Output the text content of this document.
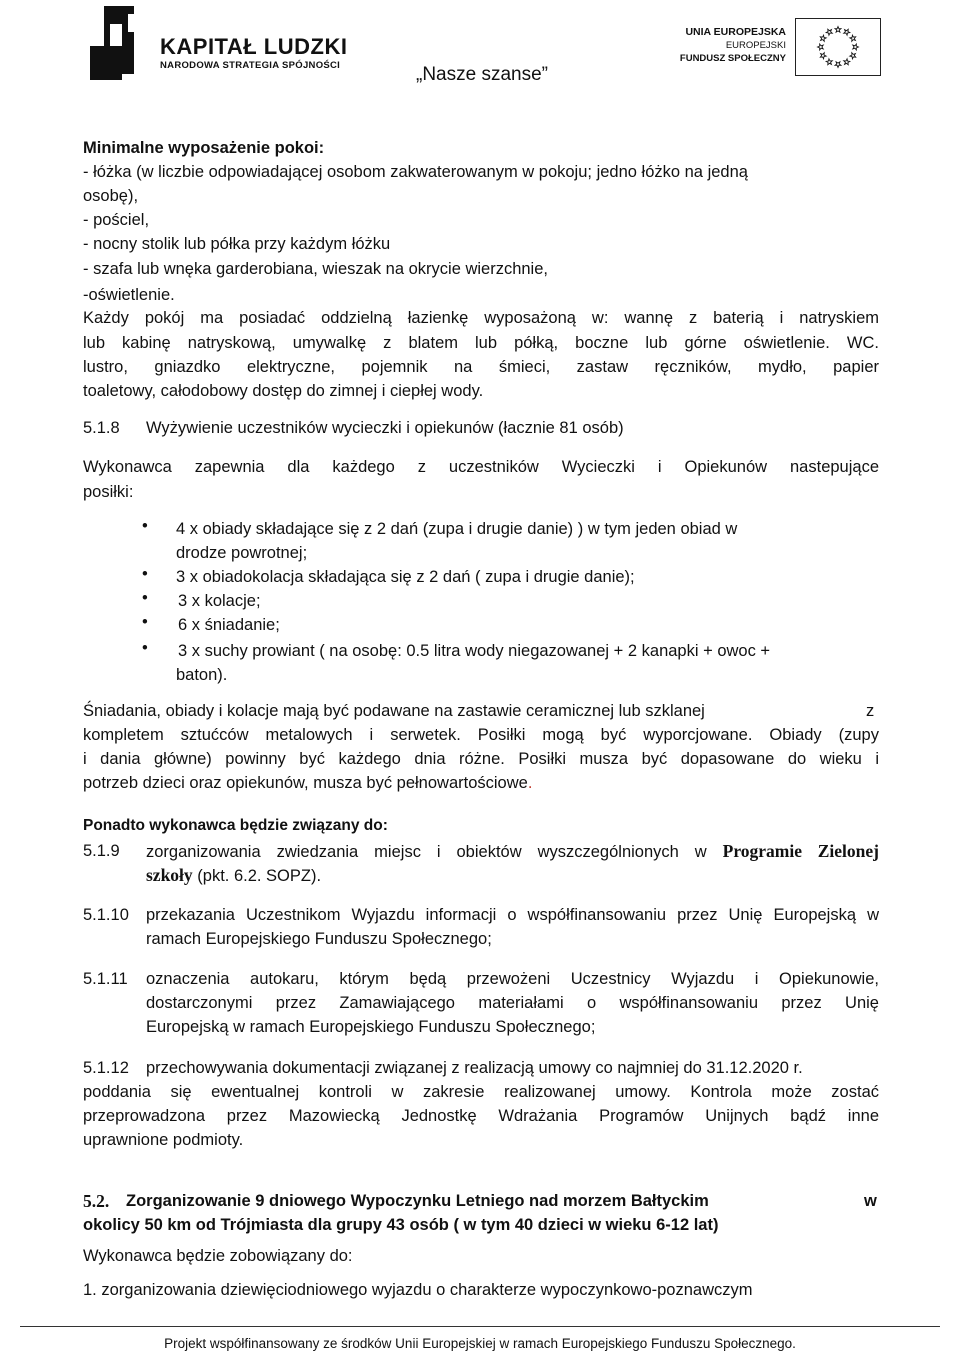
KAPITAŁ LUDZKI
NARODOWA STRATEGIA SPÓJNOŚCI	„Nasze szanse”
UNIA EUROPEJSKA
EUROPEJSKI
FUNDUSZ SPOŁECZNY
Minimalne wyposażenie pokoi:
- łóżka (w liczbie odpowiadającej osobom zakwaterowanym w pokoju; jedno łóżko na jedną
osobę),
- pościel,
- nocny stolik lub półka przy każdym łóżku
- szafa lub wnęka garderobiana, wieszak na okrycie wierzchnie,
-oświetlenie.
Każdy pokój ma posiadać oddzielną łazienkę wyposażoną w: wannę z baterią i natryskiem
lub kabinę natryskową, umywalkę z blatem lub półką, boczne lub górne oświetlenie. WC.
lustro, gniazdko elektryczne, pojemnik na śmieci, zastaw ręczników, mydło, papier
toaletowy, całodobowy dostęp do zimnej i ciepłej wody.
5.1.8 Wyżywienie uczestników wycieczki i opiekunów (łacznie 81 osób)
Wykonawca zapewnia dla każdego z uczestników Wycieczki i Opiekunów nastepujące
posiłki:
• 4 x obiady składające się z 2 dań (zupa i drugie danie) ) w tym jeden obiad w
drodze powrotnej;
• 3 x obiadokolacja składająca się z 2 dań ( zupa i drugie danie);
• 3 x kolacje;
• 6 x śniadanie;
• 3 x suchy prowiant ( na osobę: 0.5 litra wody niegazowanej + 2 kanapki + owoc +
baton).
Śniadania, obiady i kolacje mają być podawane na zastawie ceramicznej lub szklanej	z
kompletem sztućców metalowych i serwetek. Posiłki mogą być wyporcjowane. Obiady (zupy
i dania główne) powinny być każdego dnia różne. Posiłki musza być dopasowane do wieku i
potrzeb dzieci oraz opiekunów, musza być pełnowartościowe.
Ponadto wykonawca będzie związany do:
5.1.9 zorganizowania zwiedzania miejsc i obiektów wyszczególnionych w Programie Zielonej
szkoły (pkt. 6.2. SOPZ).
5.1.10 przekazania Uczestnikom Wyjazdu informacji o współfinansowaniu przez Unię Europejską w
ramach Europejskiego Funduszu Społecznego;
5.1.11 oznaczenia autokaru, którym będą przewożeni Uczestnicy Wyjazdu i Opiekunowie,
dostarczonymi przez Zamawiającego materiałami o współfinansowaniu przez Unię
Europejską w ramach Europejskiego Funduszu Społecznego;
5.1.12 przechowywania dokumentacji związanej z realizacją umowy co najmniej do 31.12.2020 r.
poddania się ewentualnej kontroli w zakresie realizowanej umowy. Kontrola może zostać
przeprowadzona przez Mazowiecką Jednostkę Wdrażania Programów Unijnych bądź inne
uprawnione podmioty.
5.2. Zorganizowanie 9 dniowego Wypoczynku Letniego nad morzem Bałtyckim	w
okolicy 50 km od Trójmiasta dla grupy 43 osób ( w tym 40 dzieci w wieku 6-12 lat)
Wykonawca będzie zobowiązany do:
1. zorganizowania dziewięciodniowego wyjazdu o charakterze wypoczynkowo-poznawczym
Projekt współfinansowany ze środków Unii Europejskiej w ramach Europejskiego Funduszu Społecznego.
